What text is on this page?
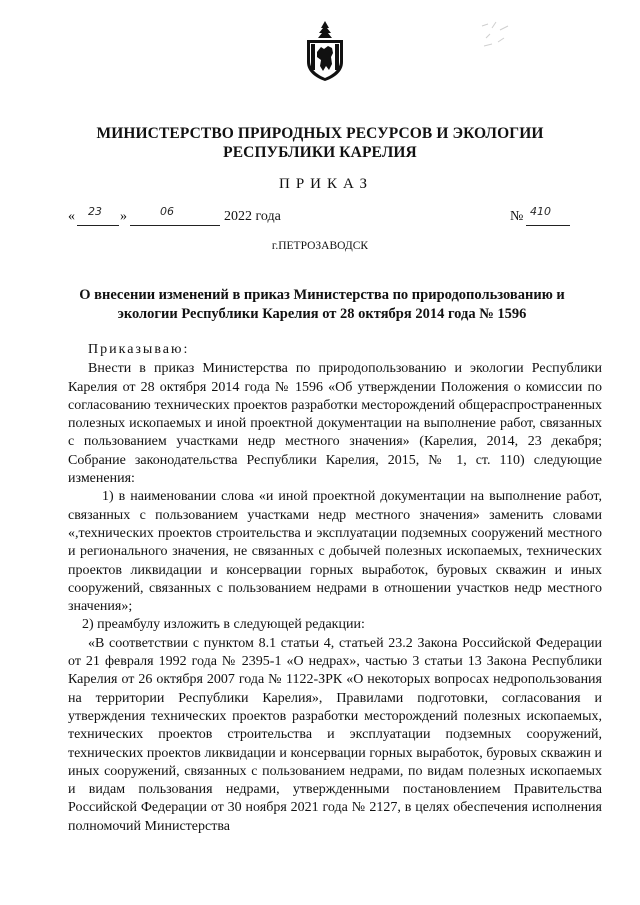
МИНИСТЕРСТВО ПРИРОДНЫХ РЕСУРСОВ И ЭКОЛОГИИ
РЕСПУБЛИКИ КАРЕЛИЯ
ПРИКАЗ
« 23 »	06	2022 года	№ 410
г.ПЕТРОЗАВОДСК
О внесении изменений в приказ Министерства по природопользованию и экологии Республики Карелия от 28 октября 2014 года № 1596

Приказываю:

Внести в приказ Министерства по природопользованию и экологии Республики Карелия от 28 октября 2014 года № 1596 «Об утверждении Положения о комиссии по согласованию технических проектов разработки месторождений общераспространенных полезных ископаемых и иной проектной документации на выполнение работ, связанных с пользованием участками недр местного значения» (Карелия, 2014, 23 декабря; Собрание законодательства Республики Карелия, 2015, № 1, ст. 110) следующие изменения:

1) в наименовании слова «и иной проектной документации на выполнение работ, связанных с пользованием участками недр местного значения» заменить словами «,технических проектов строительства и эксплуатации подземных сооружений местного и регионального значения, не связанных с добычей полезных ископаемых, технических проектов ликвидации и консервации горных выработок, буровых скважин и иных сооружений, связанных с пользованием недрами в отношении участков недр местного значения»;

2) преамбулу изложить в следующей редакции:

«В соответствии с пунктом 8.1 статьи 4, статьей 23.2 Закона Российской Федерации от 21 февраля 1992 года № 2395-1 «О недрах», частью 3 статьи 13 Закона Республики Карелия от 26 октября 2007 года № 1122-ЗРК «О некоторых вопросах недропользования на территории Республики Карелия», Правилами подготовки, согласования и утверждения технических проектов разработки месторождений полезных ископаемых, технических проектов строительства и эксплуатации подземных сооружений, технических проектов ликвидации и консервации горных выработок, буровых скважин и иных сооружений, связанных с пользованием недрами, по видам полезных ископаемых и видам пользования недрами, утвержденными постановлением Правительства Российской Федерации от 30 ноября 2021 года № 2127, в целях обеспечения исполнения полномочий Министерства
